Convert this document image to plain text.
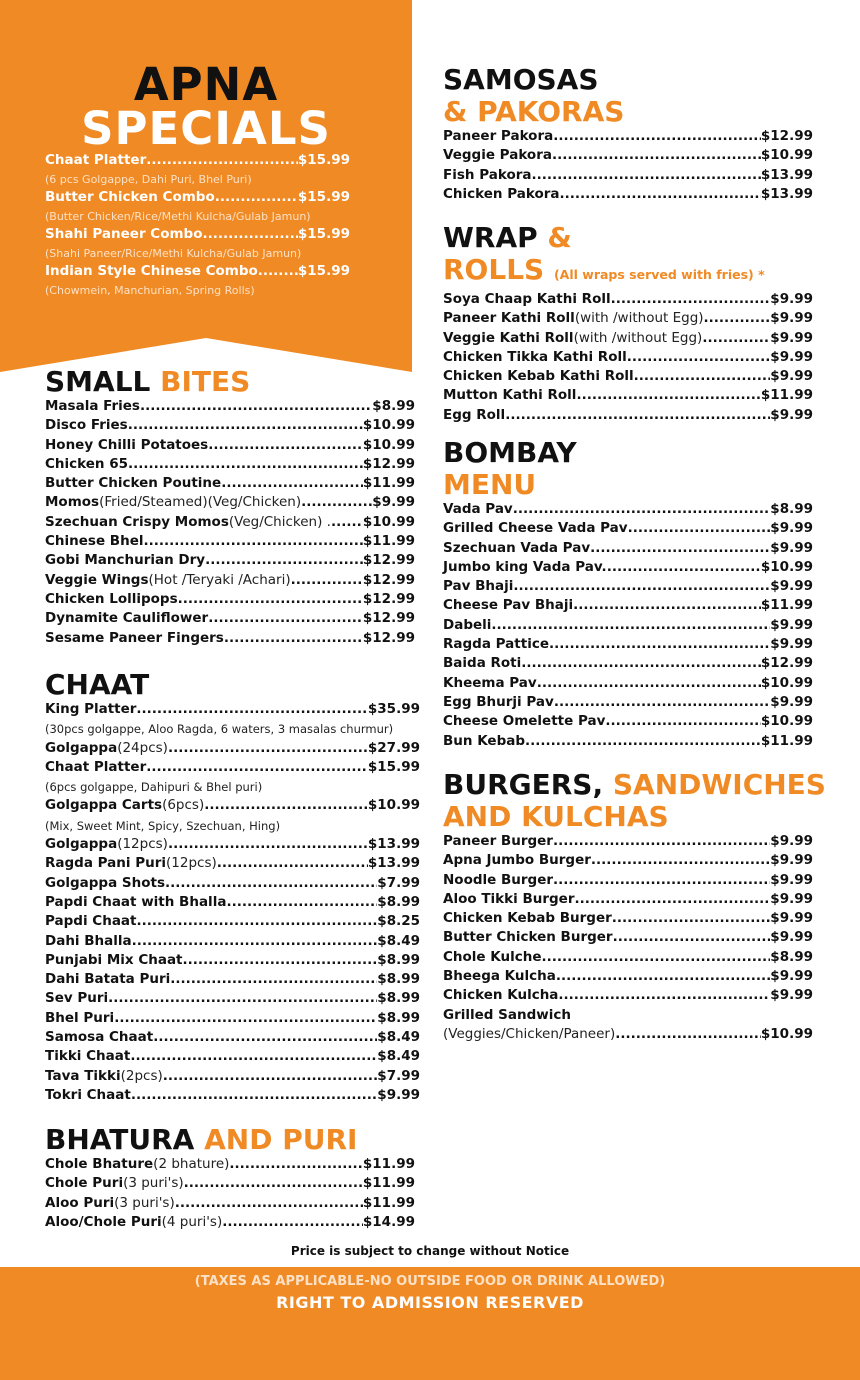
APNA
SPECIALS
Chaat Platter .....	$15.99
(6 pcs Golgappe, Dahi Puri, Bhel Puri)
Butter Chicken Combo .....	$15.99
(Butter Chicken/Rice/Methi Kulcha/Gulab Jamun)
Shahi Paneer Combo .....	$15.99
(Shahi Paneer/Rice/Methi Kulcha/Gulab Jamun)
Indian Style Chinese Combo .....	$15.99
(Chowmein, Manchurian, Spring Rolls)
SMALL BITES
Masala Fries .....	$8.99
Disco Fries .....	$10.99
Honey Chilli Potatoes .....	$10.99
Chicken 65 .....	$12.99
Butter Chicken Poutine .....	$11.99
Momos (Fried/Steamed)(Veg/Chicken) .....	$9.99
Szechuan Crispy Momos (Veg/Chicken) . ..... $10.99
Chinese Bhel .....	$11.99
Gobi Manchurian Dry .....	$12.99
Veggie Wings (Hot /Teryaki /Achari) .....	$12.99
Chicken Lollipops .....	$12.99
Dynamite Cauliflower .....	$12.99
Sesame Paneer Fingers .....	$12.99
CHAAT
King Platter .....	$35.99
(30pcs golgappe, Aloo Ragda, 6 waters, 3 masalas churmur)
Golgappa (24pcs) .....	$27.99
Chaat Platter .....	$15.99
(6pcs golgappe, Dahipuri & Bhel puri)
Golgappa Carts (6pcs) .....	$10.99
(Mix, Sweet Mint, Spicy, Szechuan, Hing)
Golgappa (12pcs) .....	$13.99
Ragda Pani Puri (12pcs) .....	$13.99
Golgappa Shots .....	$7.99
Papdi Chaat with Bhalla .....	$8.99
Papdi Chaat .....	$8.25
Dahi Bhalla .....	$8.49
Punjabi Mix Chaat .....	$8.99
Dahi Batata Puri .....	$8.99
Sev Puri .....	$8.99
Bhel Puri .....	$8.99
Samosa Chaat .....	$8.49
Tikki Chaat .....	$8.49
Tava Tikki (2pcs) .....	$7.99
Tokri Chaat .....	$9.99
BHATURA AND PURI
Chole Bhature (2 bhature) .....	$11.99
Chole Puri (3 puri's) .....	$11.99
Aloo Puri (3 puri's) .....	$11.99
Aloo/Chole Puri (4 puri's) .....	$14.99
SAMOSAS
& PAKORAS
Paneer Pakora .....	$12.99
Veggie Pakora .....	$10.99
Fish Pakora .....	$13.99
Chicken Pakora .....	$13.99
WRAP &
ROLLS (All wraps served with fries) *
Soya Chaap Kathi Roll .....	$9.99
Paneer Kathi Roll (with /without Egg) .....	$9.99
Veggie Kathi Roll (with /without Egg) .....	$9.99
Chicken Tikka Kathi Roll .....	$9.99
Chicken Kebab Kathi Roll .....	$9.99
Mutton Kathi Roll .....	$11.99
Egg Roll .....	$9.99
BOMBAY
MENU
Vada Pav .....	$8.99
Grilled Cheese Vada Pav .....	$9.99
Szechuan Vada Pav .....	$9.99
Jumbo king Vada Pav. .....	$10.99
Pav Bhaji .....	$9.99
Cheese Pav Bhaji .....	$11.99
Dabeli .....	$9.99
Ragda Pattice .....	$9.99
Baida Roti .....	$12.99
Kheema Pav .....	$10.99
Egg Bhurji Pav .....	$9.99
Cheese Omelette Pav .....	$10.99
Bun Kebab .....	$11.99
BURGERS, SANDWICHES
AND KULCHAS
Paneer Burger .....	$9.99
Apna Jumbo Burger .....	$9.99
Noodle Burger .....	$9.99
Aloo Tikki Burger .....	$9.99
Chicken Kebab Burger .....	$9.99
Butter Chicken Burger .....	$9.99
Chole Kulche .....	$8.99
Bheega Kulcha .....	$9.99
Chicken Kulcha .....	$9.99
Grilled Sandwich
(Veggies/Chicken/Paneer) .....	$10.99
Price is subject to change without Notice
(TAXES AS APPLICABLE-NO OUTSIDE FOOD OR DRINK ALLOWED)
RIGHT TO ADMISSION RESERVED
